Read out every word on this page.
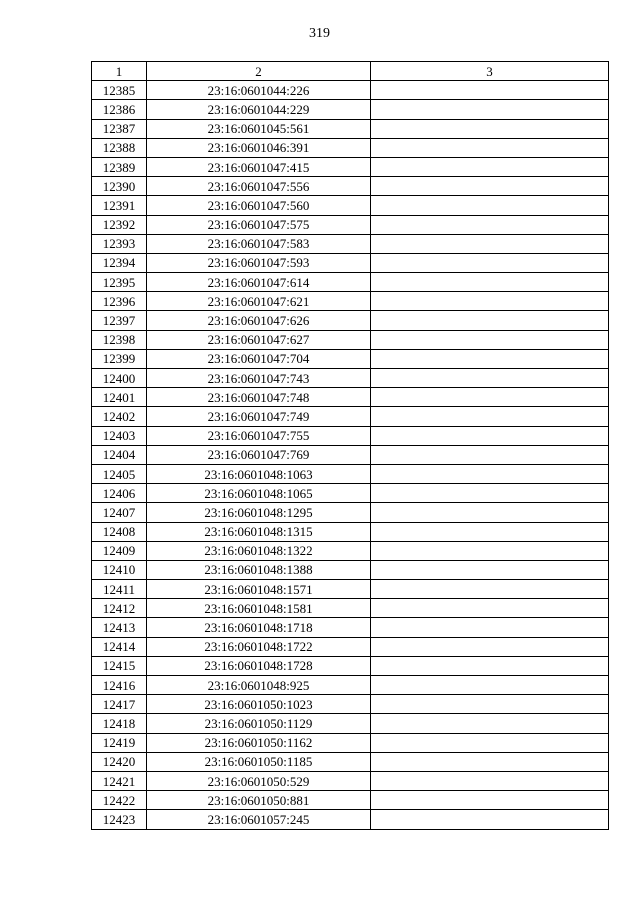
319
1	2	3
12385	23:16:0601044:226	
12386	23:16:0601044:229	
12387	23:16:0601045:561	
12388	23:16:0601046:391	
12389	23:16:0601047:415	
12390	23:16:0601047:556	
12391	23:16:0601047:560	
12392	23:16:0601047:575	
12393	23:16:0601047:583	
12394	23:16:0601047:593	
12395	23:16:0601047:614	
12396	23:16:0601047:621	
12397	23:16:0601047:626	
12398	23:16:0601047:627	
12399	23:16:0601047:704	
12400	23:16:0601047:743	
12401	23:16:0601047:748	
12402	23:16:0601047:749	
12403	23:16:0601047:755	
12404	23:16:0601047:769	
12405	23:16:0601048:1063	
12406	23:16:0601048:1065	
12407	23:16:0601048:1295	
12408	23:16:0601048:1315	
12409	23:16:0601048:1322	
12410	23:16:0601048:1388	
12411	23:16:0601048:1571	
12412	23:16:0601048:1581	
12413	23:16:0601048:1718	
12414	23:16:0601048:1722	
12415	23:16:0601048:1728	
12416	23:16:0601048:925	
12417	23:16:0601050:1023	
12418	23:16:0601050:1129	
12419	23:16:0601050:1162	
12420	23:16:0601050:1185	
12421	23:16:0601050:529	
12422	23:16:0601050:881	
12423	23:16:0601057:245	
